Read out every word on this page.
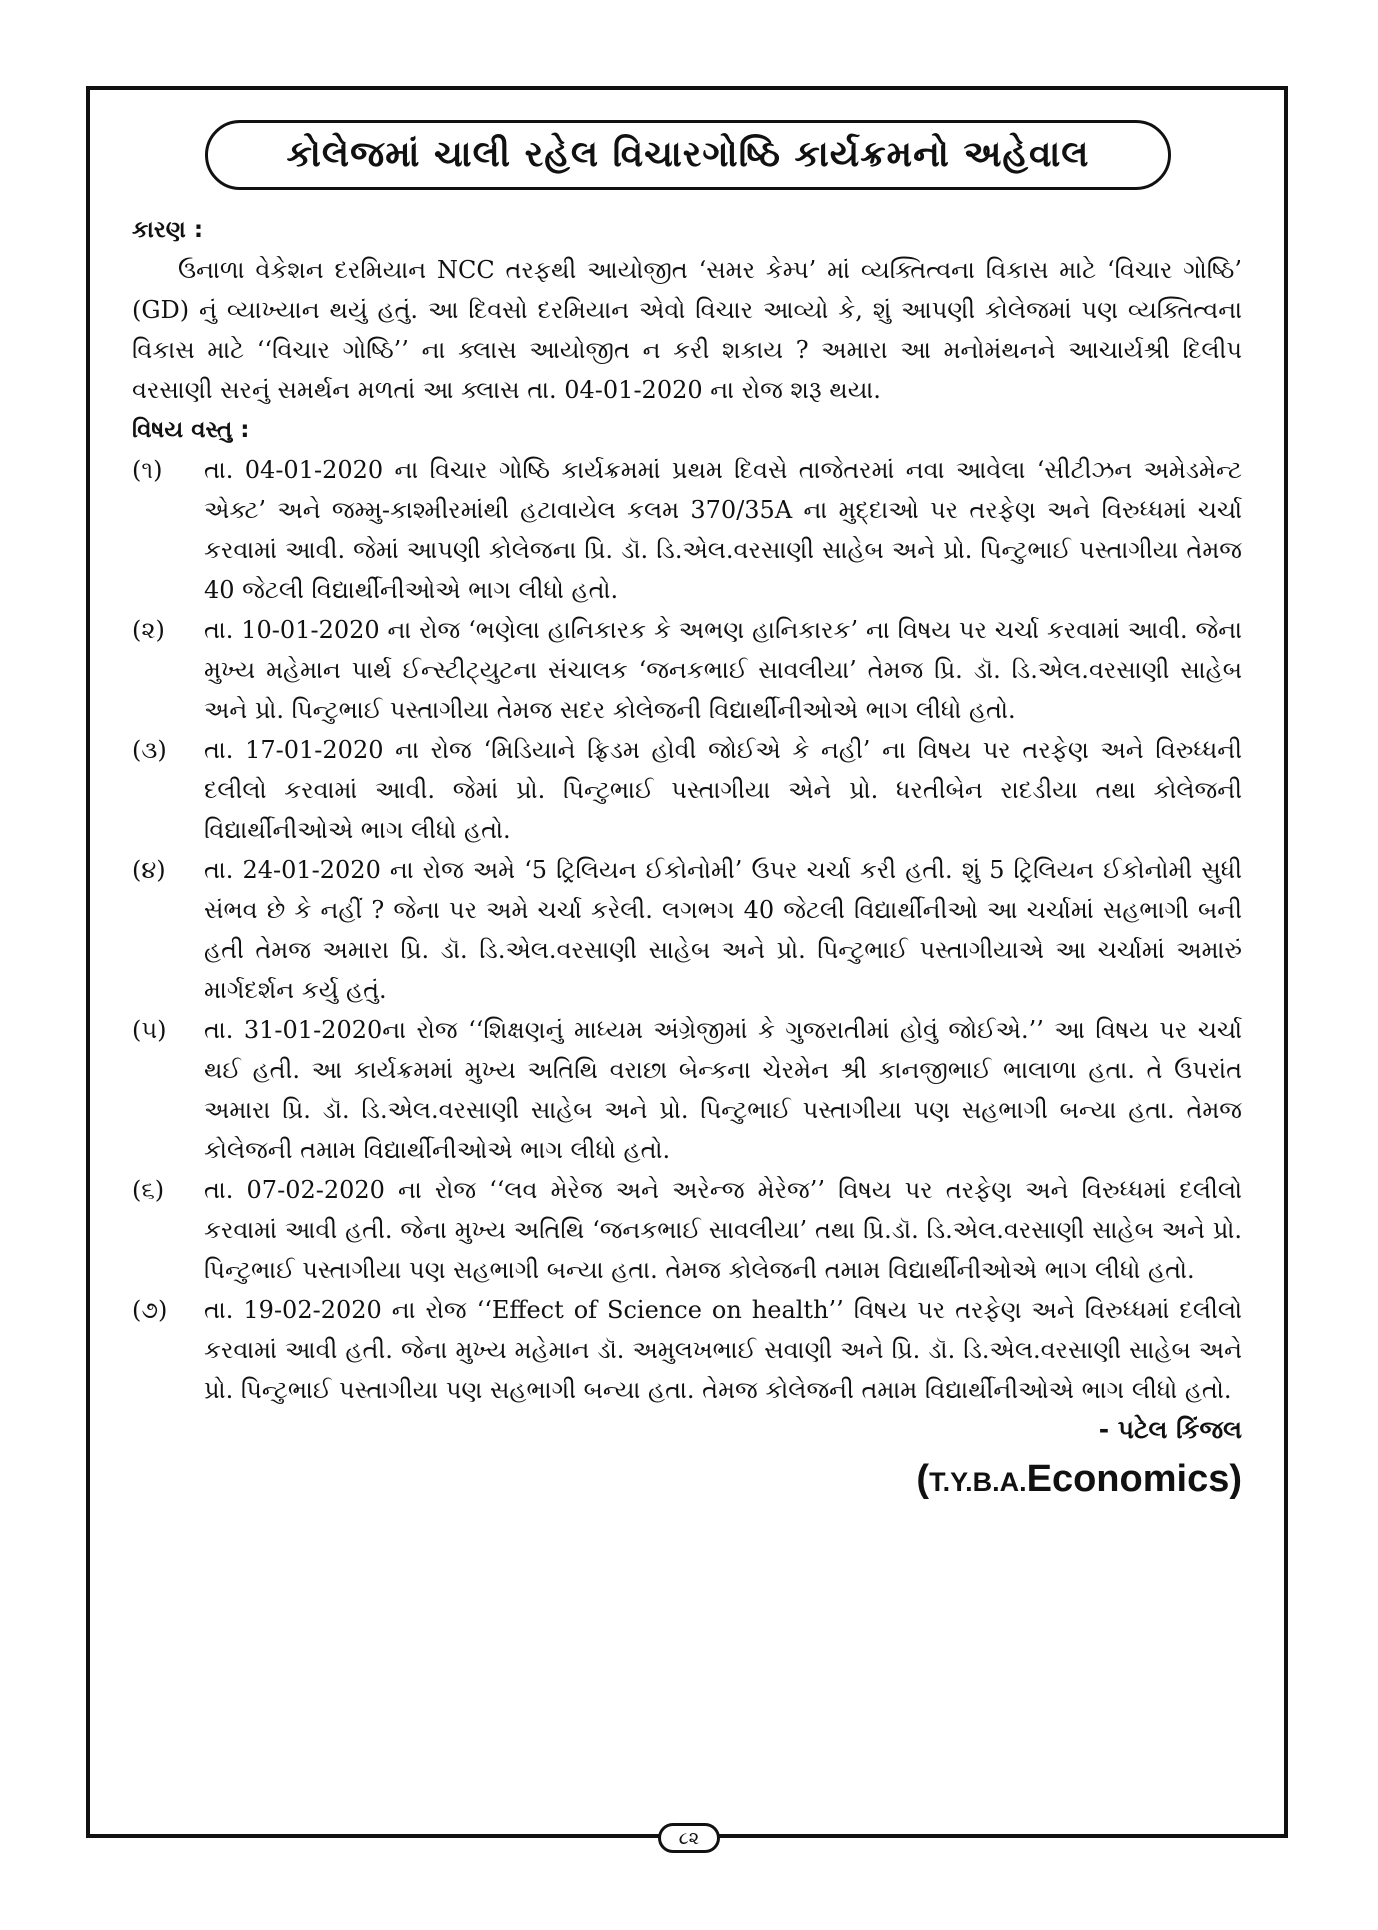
કોલેજમાં ચાલી રહેલ વિચારગોષ્ઠિ કાર્યક્રમનો અહેવાલ

કારણ :

ઉનાળા વેકેશન દરમિયાન NCC તરફથી આયોજીત ‘સમર કેમ્પ’ માં વ્યક્તિત્વના વિકાસ માટે ‘વિચાર ગોષ્ઠિ’ (GD) નું વ્યાખ્યાન થયું હતું. આ દિવસો દરમિયાન એવો વિચાર આવ્યો કે, શું આપણી કોલેજમાં પણ વ્યક્તિત્વના વિકાસ માટે ‘‘વિચાર ગોષ્ઠિ’’ ના ક્લાસ આયોજીત ન કરી શકાય ? અમારા આ મનોમંથનને આચાર્યશ્રી દિલીપ વરસાણી સરનું સમર્થન મળતાં આ ક્લાસ તા. 04-01-2020 ના રોજ શરૂ થયા.

વિષય વસ્તુ :

(૧)	તા. 04-01-2020 ના વિચાર ગોષ્ઠિ કાર્યક્રમમાં પ્રથમ દિવસે તાજેતરમાં નવા આવેલા ‘સીટીઝન અમેડમેન્ટ એક્ટ’ અને જમ્મુ-કાશ્મીરમાંથી હટાવાયેલ કલમ 370/35A ના મુદ્દાઓ પર તરફેણ અને વિરુધ્ધમાં ચર્ચા કરવામાં આવી. જેમાં આપણી કોલેજના પ્રિ. ડૉ. ડિ.એલ.વરસાણી સાહેબ અને પ્રો. પિન્ટુભાઈ પસ્તાગીયા તેમજ 40 જેટલી વિદ્યાર્થીનીઓએ ભાગ લીધો હતો.
(૨)	તા. 10-01-2020 ના રોજ ‘ભણેલા હાનિકારક કે અભણ હાનિકારક’ ના વિષય પર ચર્ચા કરવામાં આવી. જેના મુખ્ય મહેમાન પાર્થ ઈન્સ્ટીટ્યુટના સંચાલક ‘જનકભાઈ સાવલીયા’ તેમજ પ્રિ. ડૉ. ડિ.એલ.વરસાણી સાહેબ અને પ્રો. પિન્ટુભાઈ પસ્તાગીયા તેમજ સદર કોલેજની વિદ્યાર્થીનીઓએ ભાગ લીધો હતો.
(૩)	તા. 17-01-2020 ના રોજ ‘મિડિયાને ફ્રિડમ હોવી જોઈએ કે નહી’ ના વિષય પર તરફેણ અને વિરુધ્ધની દલીલો કરવામાં આવી. જેમાં પ્રો. પિન્ટુભાઈ પસ્તાગીયા એને પ્રો. ધરતીબેન રાદડીયા તથા કોલેજની વિદ્યાર્થીનીઓએ ભાગ લીધો હતો.
(૪)	તા. 24-01-2020 ના રોજ અમે ‘5 ટ્રિલિયન ઈકોનોમી’ ઉપર ચર્ચા કરી હતી. શું 5 ટ્રિલિયન ઈકોનોમી સુધી સંભવ છે કે નહીં ? જેના પર અમે ચર્ચા કરેલી. લગભગ 40 જેટલી વિદ્યાર્થીનીઓ આ ચર્ચામાં સહભાગી બની હતી તેમજ અમારા પ્રિ. ડૉ. ડિ.એલ.વરસાણી સાહેબ અને પ્રો. પિન્ટુભાઈ પસ્તાગીયાએ આ ચર્ચામાં અમારું માર્ગદર્શન કર્યુ હતું.
(૫)	તા. 31-01-2020ના રોજ ‘‘શિક્ષણનું માધ્યમ અંગ્રેજીમાં કે ગુજરાતીમાં હોવું જોઈએ.’’ આ વિષય પર ચર્ચા થઈ હતી. આ કાર્યક્રમમાં મુખ્ય અતિથિ વરાછા બેન્કના ચેરમેન શ્રી કાનજીભાઈ ભાલાળા હતા. તે ઉપરાંત અમારા પ્રિ. ડૉ. ડિ.એલ.વરસાણી સાહેબ અને પ્રો. પિન્ટુભાઈ પસ્તાગીયા પણ સહભાગી બન્યા હતા. તેમજ કોલેજની તમામ વિદ્યાર્થીનીઓએ ભાગ લીધો હતો.
(૬)	તા. 07-02-2020 ના રોજ ‘‘લવ મેરેજ અને અરેન્જ મેરેજ’’ વિષય પર તરફેણ અને વિરુધ્ધમાં દલીલો કરવામાં આવી હતી. જેના મુખ્ય અતિથિ ‘જનકભાઈ સાવલીયા’ તથા પ્રિ.ડૉ. ડિ.એલ.વરસાણી સાહેબ અને પ્રો. પિન્ટુભાઈ પસ્તાગીયા પણ સહભાગી બન્યા હતા. તેમજ કોલેજની તમામ વિદ્યાર્થીનીઓએ ભાગ લીધો હતો.
(૭)	તા. 19-02-2020 ના રોજ ‘‘Effect of Science on health’’ વિષય પર તરફેણ અને વિરુધ્ધમાં દલીલો કરવામાં આવી હતી. જેના મુખ્ય મહેમાન ડૉ. અમુલખભાઈ સવાણી અને પ્રિ. ડૉ. ડિ.એલ.વરસાણી સાહેબ અને પ્રો. પિન્ટુભાઈ પસ્તાગીયા પણ સહભાગી બન્યા હતા. તેમજ કોલેજની તમામ વિદ્યાર્થીનીઓએ ભાગ લીધો હતો.

- પટેલ કિંજલ

(T.Y.B.A.Economics)

૮૨
